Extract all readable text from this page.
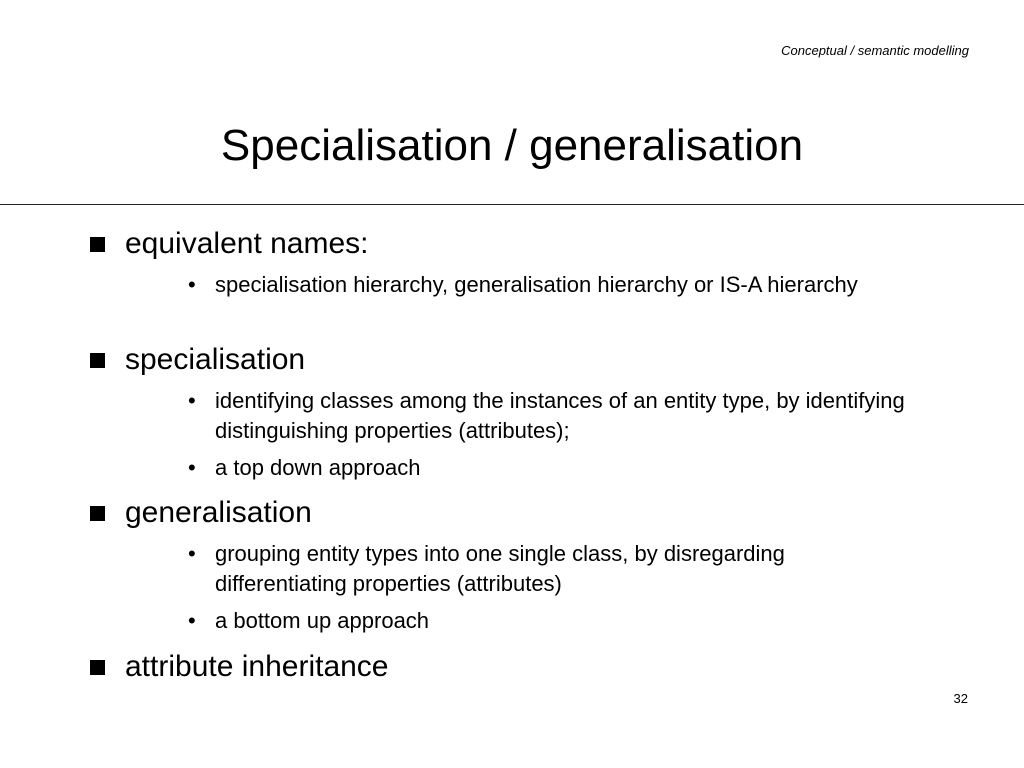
Conceptual / semantic modelling
Specialisation / generalisation
equivalent names:
• specialisation hierarchy, generalisation hierarchy or IS-A hierarchy
specialisation
• identifying classes among the instances of an entity type, by identifying distinguishing properties (attributes);
• a top down approach
generalisation
• grouping entity types into one single class, by disregarding differentiating properties (attributes)
• a bottom up approach
attribute inheritance
32
